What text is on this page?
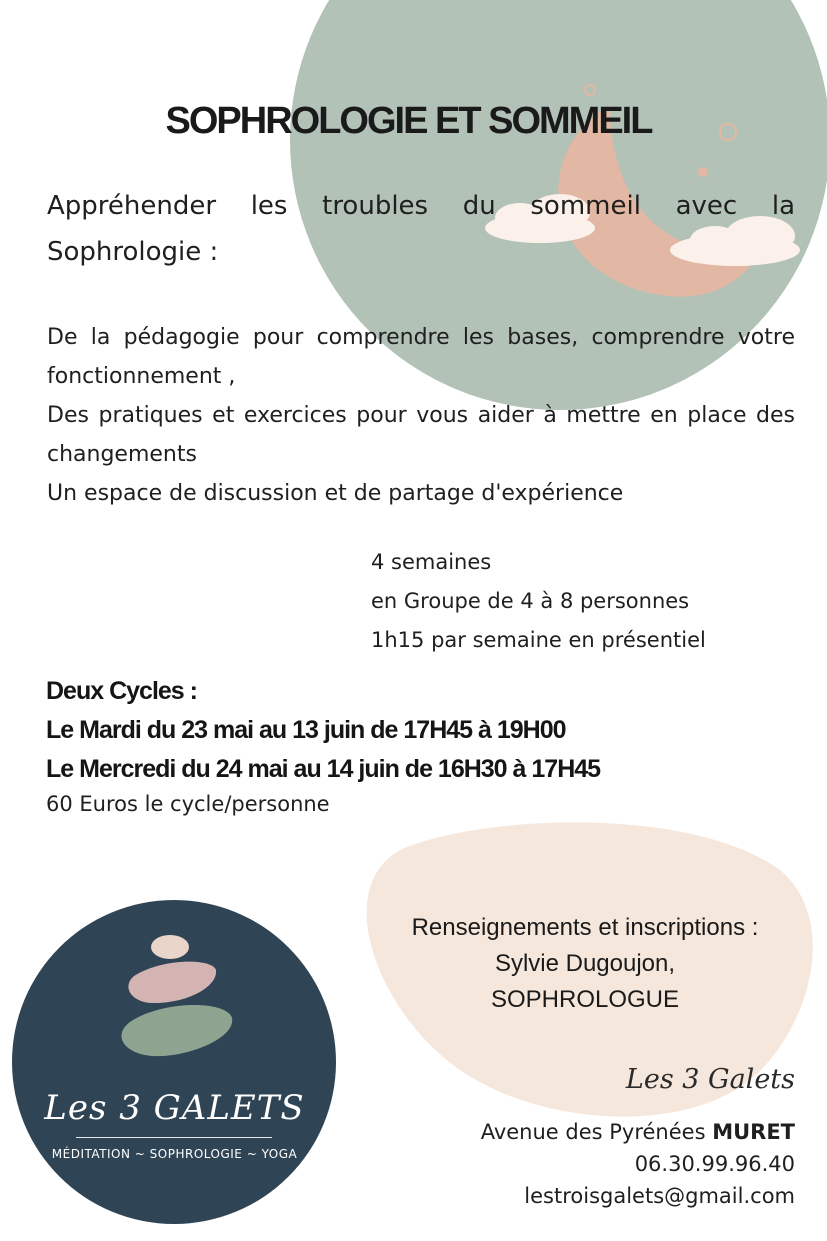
SOPHROLOGIE ET SOMMEIL

Appréhender les troubles du sommeil avec la Sophrologie :

De la pédagogie pour comprendre les bases, comprendre votre fonctionnement ,

Des pratiques et exercices pour vous aider à mettre en place des changements

Un espace de discussion et de partage d'expérience

4 semaines
en Groupe de 4 à 8 personnes
1h15 par semaine en présentiel
Deux Cycles :
Le Mardi du 23 mai au 13 juin de 17H45 à 19H00
Le Mercredi du 24 mai au 14 juin de 16H30 à 17H45
60 Euros le cycle/personne
Renseignements et inscriptions :
Sylvie Dugoujon,
SOPHROLOGUE
Les 3 GALETS
MÉDITATION ~ SOPHROLOGIE ~ YOGA
Les 3 Galets
Avenue des Pyrénées MURET
06.30.99.96.40
lestroisgalets@gmail.com
